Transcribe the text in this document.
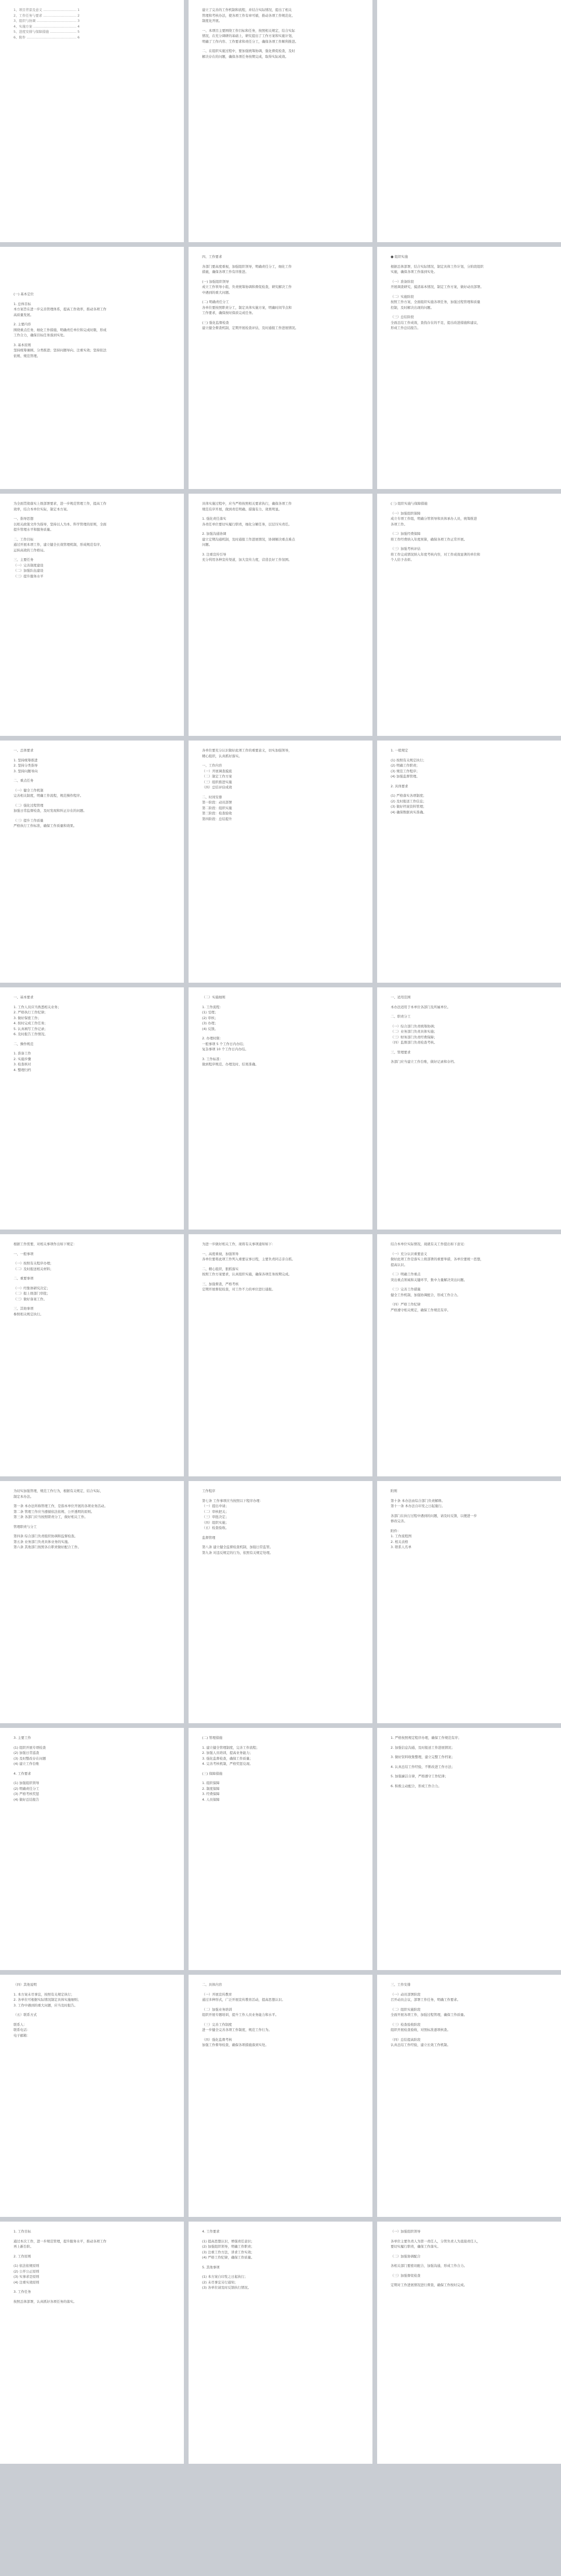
1、项目背景及意义 ………………………… 1
2、工作任务与要求 ………………………… 2
3、组织与协调 ……………………………… 3
4、实施方案 ………………………………… 4
5、进度安排与保障措施 …………………… 5
6、附件 ……………………………………… 6
建立了完善的工作机制和流程，并结合实际情况，提出了相关
管理和考核办法，使各项工作有章可循，推动各项工作规范化、
制度化开展。
一、本项目主要围绕工作目标和任务，按照相关规定，结合实际
情况，在充分调研的基础上，研究提出了工作方案和实施计划，
明确了工作内容、工作要求和责任分工，确保各项工作顺利推进。
二、在组织实施过程中，要加强统筹协调，强化督促检查，及时
解决存在的问题，确保各项任务按期完成，取得实际成效。
(一) 基本定位
1. 总体目标
本方案旨在进一步完善管理体系，提高工作效率，推动各项工作
高质量发展。
2. 主要内容
围绕重点任务，细化工作措施，明确责任单位和完成时限，形成
工作合力，确保目标任务落到实处。
3. 基本原则
坚持统筹兼顾、分类推进；坚持问题导向、注重实效；坚持依法
依规、规范管理。
四、工作要求
各部门要高度重视，加强组织领导，明确责任分工，细化工作
措施，确保各项工作有序推进。
(一) 加强组织领导
成立工作领导小组，负责统筹协调和督促检查，研究解决工作
中遇到的重大问题。
(二) 明确责任分工
各单位要按照职责分工，制定具体实施方案，明确时间节点和
工作要求，确保按时保质完成任务。
(三) 强化监督检查
建立健全督查机制，定期开展检查评估，及时通报工作进展情况。
● 组织实施
根据总体部署，结合实际情况，制定具体工作计划，分阶段组织
实施，确保各项工作落到实处。
（一）准备阶段
开展调查研究，摸清基本情况，制定工作方案，做好动员部署。
（二）实施阶段
按照工作方案，全面组织实施各项任务，加强过程管理和质量
控制，及时解决出现的问题。
（三）总结阶段
全面总结工作成效，查找存在的不足，提出改进措施和建议，
形成工作总结报告。
为全面贯彻落实上级部署要求，进一步规范管理工作，提高工作
效率，结合本单位实际，制定本方案。
一、指导思想
以相关政策文件为指导，坚持以人为本、科学管理的原则，全面
提升管理水平和服务质量。
二、工作目标
通过开展本项工作，建立健全长效管理机制，形成规范有序、
运转高效的工作格局。
三、主要任务
（一）完善制度建设
（二）加强队伍建设
（三）提升服务水平
具体实施过程中，应当严格按照相关要求执行，确保各项工作
规范有序开展，做到责任明确、措施有力、效果明显。
1. 强化责任落实
各责任单位要切实履行职责，细化分解任务，层层压实责任。
2. 加强沟通协调
建立定期沟通机制，及时通报工作进展情况，协调解决重点难点
问题。
3. 注重宣传引导
充分利用各种宣传渠道，加大宣传力度，营造良好工作氛围。
(三) 组织实施与保障措施
（一）加强组织保障
成立专项工作组，明确分管领导和具体承办人员，统筹推进
各项工作。
（二）加强经费保障
将工作经费纳入年度预算，确保各项工作正常开展。
（三）加强考核评估
将工作完成情况纳入年度考核内容，对工作成效显著的单位和
个人给予表彰。
一、总体要求
1. 坚持统筹推进
2. 坚持分类指导
3. 坚持问题导向
二、重点任务
（一）健全工作机制
完善相关制度，明确工作流程，规范操作程序。
（二）强化过程管理
加强日常监督检查，及时发现和纠正存在的问题。
（三）提升工作质量
严格执行工作标准，确保工作质量和效果。
各单位要充分认识做好此项工作的重要意义，切实加强领导，
精心组织，认真抓好落实。
一、工作内容
（一）开展调查摸底
（二）制定工作方案
（三）组织推进实施
（四）总结评估成效
二、时间安排
第一阶段：动员部署
第二阶段：组织实施
第三阶段：检查验收
第四阶段：总结提升
1. 一般规定
(1) 按照有关规定执行；
(2) 明确工作职责；
(3) 规范工作程序；
(4) 加强监督管理。
2. 具体要求
(1) 严格落实各项制度；
(2) 及时报送工作信息；
(3) 做好档案资料管理；
(4) 确保数据真实准确。
一、基本要求
1. 工作人员应当熟悉相关业务；
2. 严格执行工作纪律；
3. 做好保密工作；
4. 按时完成工作任务；
5. 认真填写工作记录；
6. 及时报告工作情况。
二、操作规范
1. 准备工作
2. 实施步骤
3. 检查核对
4. 整理归档
（二）实施细则
1. 工作流程：
(1) 受理；
(2) 审核；
(3) 办理；
(4) 反馈。
2. 办理时限：
一般事项 5 个工作日内办结；
复杂事项 10 个工作日内办结。
3. 工作标准：
做到程序规范、办理及时、结果准确。
一、适用范围
本办法适用于本单位各部门及所属单位。
二、职责分工
（一）综合部门负责统筹协调；
（二）业务部门负责具体实施；
（三）财务部门负责经费保障；
（四）监督部门负责检查考核。
三、管理要求
各部门应当建立工作台账，做好记录和存档。
根据工作需要，对相关事项作出如下规定：
一、一般事项
（一）按照有关程序办理；
（二）及时报送相关材料；
二、重要事项
（一）经集体研究决定；
（二）报上级部门审批；
（三）做好备案工作。
三、其他事项
参照相关规定执行。
为进一步做好相关工作，现将有关事项通知如下：
一、高度重视，加强领导
各单位要将此项工作列入重要议事日程，主要负责同志亲自抓。
二、精心组织，狠抓落实
按照工作方案要求，认真组织实施，确保各项任务按期完成。
三、加强督查，严格考核
定期开展督促检查，对工作不力的单位进行通报。
结合本单位实际情况，现就有关工作提出如下意见：
（一）充分认识重要意义
做好此项工作是落实上级部署的重要举措，各单位要统一思想，
提高认识。
（二）明确工作重点
突出重点领域和关键环节，集中力量解决突出问题。
（三）完善工作措施
健全工作机制，加强协调配合，形成工作合力。
（四）严格工作纪律
严格遵守相关规定，确保工作规范有序。
为切实加强管理，规范工作行为，根据有关规定，结合实际，
制定本办法。
第一条 本办法所称管理工作，是指本单位开展的各项业务活动。
第二条 管理工作应当遵循依法依规、公开透明的原则。
第三条 各部门应当按照职责分工，做好相关工作。
管理职责与分工
第四条 综合部门负责组织协调和监督检查。
第五条 业务部门负责具体业务的实施。
第六条 其他部门按照各自职责做好配合工作。
工作程序
第七条 工作事项应当按照以下程序办理：
（一）提出申请；
（二）审核把关；
（三）审批决定；
（四）组织实施；
（五）检查验收。
监督管理
第八条 建立健全监督检查机制，加强日常监管。
第九条 对违反规定的行为，依照有关规定处理。
附则
第十条 本办法由综合部门负责解释。
第十一条 本办法自印发之日起施行。
各部门在执行过程中遇到的问题，请及时反馈，以便进一步
修改完善。
附件：
1. 工作流程图
2. 相关表格
3. 联系人名单
3. 主要工作
(1) 组织开展专项检查
(2) 加强日常巡查
(3) 及时整改存在问题
(4) 建立工作台账
4. 工作要求
(1) 加强组织领导
(2) 明确责任分工
(3) 严格考核奖惩
(4) 做好总结报告
(二) 管理措施
1. 建立健全管理制度，完善工作流程；
2. 加强人员培训，提高业务能力；
3. 强化监督检查，确保工作质量；
4. 完善考核机制，严格奖惩兑现。
(三) 保障措施
1. 组织保障
2. 制度保障
3. 经费保障
4. 人员保障
1. 严格按照规定程序办理，确保工作规范有序；
2. 加强信息沟通，及时报送工作进展情况；
3. 做好资料收集整理，建立完整工作档案；
4. 认真总结工作经验，不断改进工作方法；
5. 加强廉洁自律，严格遵守工作纪律；
6. 积极主动配合，形成工作合力。
（四）其他说明
1. 本方案未尽事宜，按照有关规定执行；
2. 各单位可根据实际情况制定具体实施细则；
3. 工作中遇到的重大问题，应当及时报告。
（五）联系方式
联系人：
联系电话：
电子邮箱：
二、具体内容
（一）开展宣传教育
通过多种形式，广泛开展宣传教育活动，提高思想认识。
（二）加强业务培训
组织开展专题培训，提升工作人员业务能力和水平。
（三）完善工作制度
进一步健全完善各项工作制度，规范工作行为。
（四）强化监督考核
加强工作督导检查，确保各项措施落到实处。
三、工作安排
（一）动员部署阶段
召开动员会议，部署工作任务，明确工作要求。
（二）组织实施阶段
全面开展各项工作，加强过程管理，确保工作质量。
（三）检查验收阶段
组织开展检查验收，对照标准逐项核查。
（四）总结提高阶段
认真总结工作经验，建立长效工作机制。
1. 工作目标
通过本次工作，进一步规范管理，提升服务水平，推动各项工作
再上新台阶。
2. 工作原则
(1) 依法依规原则
(2) 公开公正原则
(3) 实事求是原则
(4) 注重实效原则
3. 工作任务
按照总体部署，认真抓好各项任务的落实。
4. 工作要求
(1) 提高思想认识，增强责任意识；
(2) 加强组织领导，明确工作职责；
(3) 注重工作方法，讲求工作实效；
(4) 严格工作纪律，确保工作质量。
5. 其他事项
(1) 本方案自印发之日起执行；
(2) 未尽事宜另行通知；
(3) 各单位请及时反馈执行情况。
（一）加强组织领导
各单位主要负责人为第一责任人，分管负责人为直接责任人，
要切实履行职责，确保工作落实。
（二）加强协调配合
各相关部门要密切配合，加强沟通，形成工作合力。
（三）加强督促检查
定期对工作进展情况进行督查，确保工作按时完成。
